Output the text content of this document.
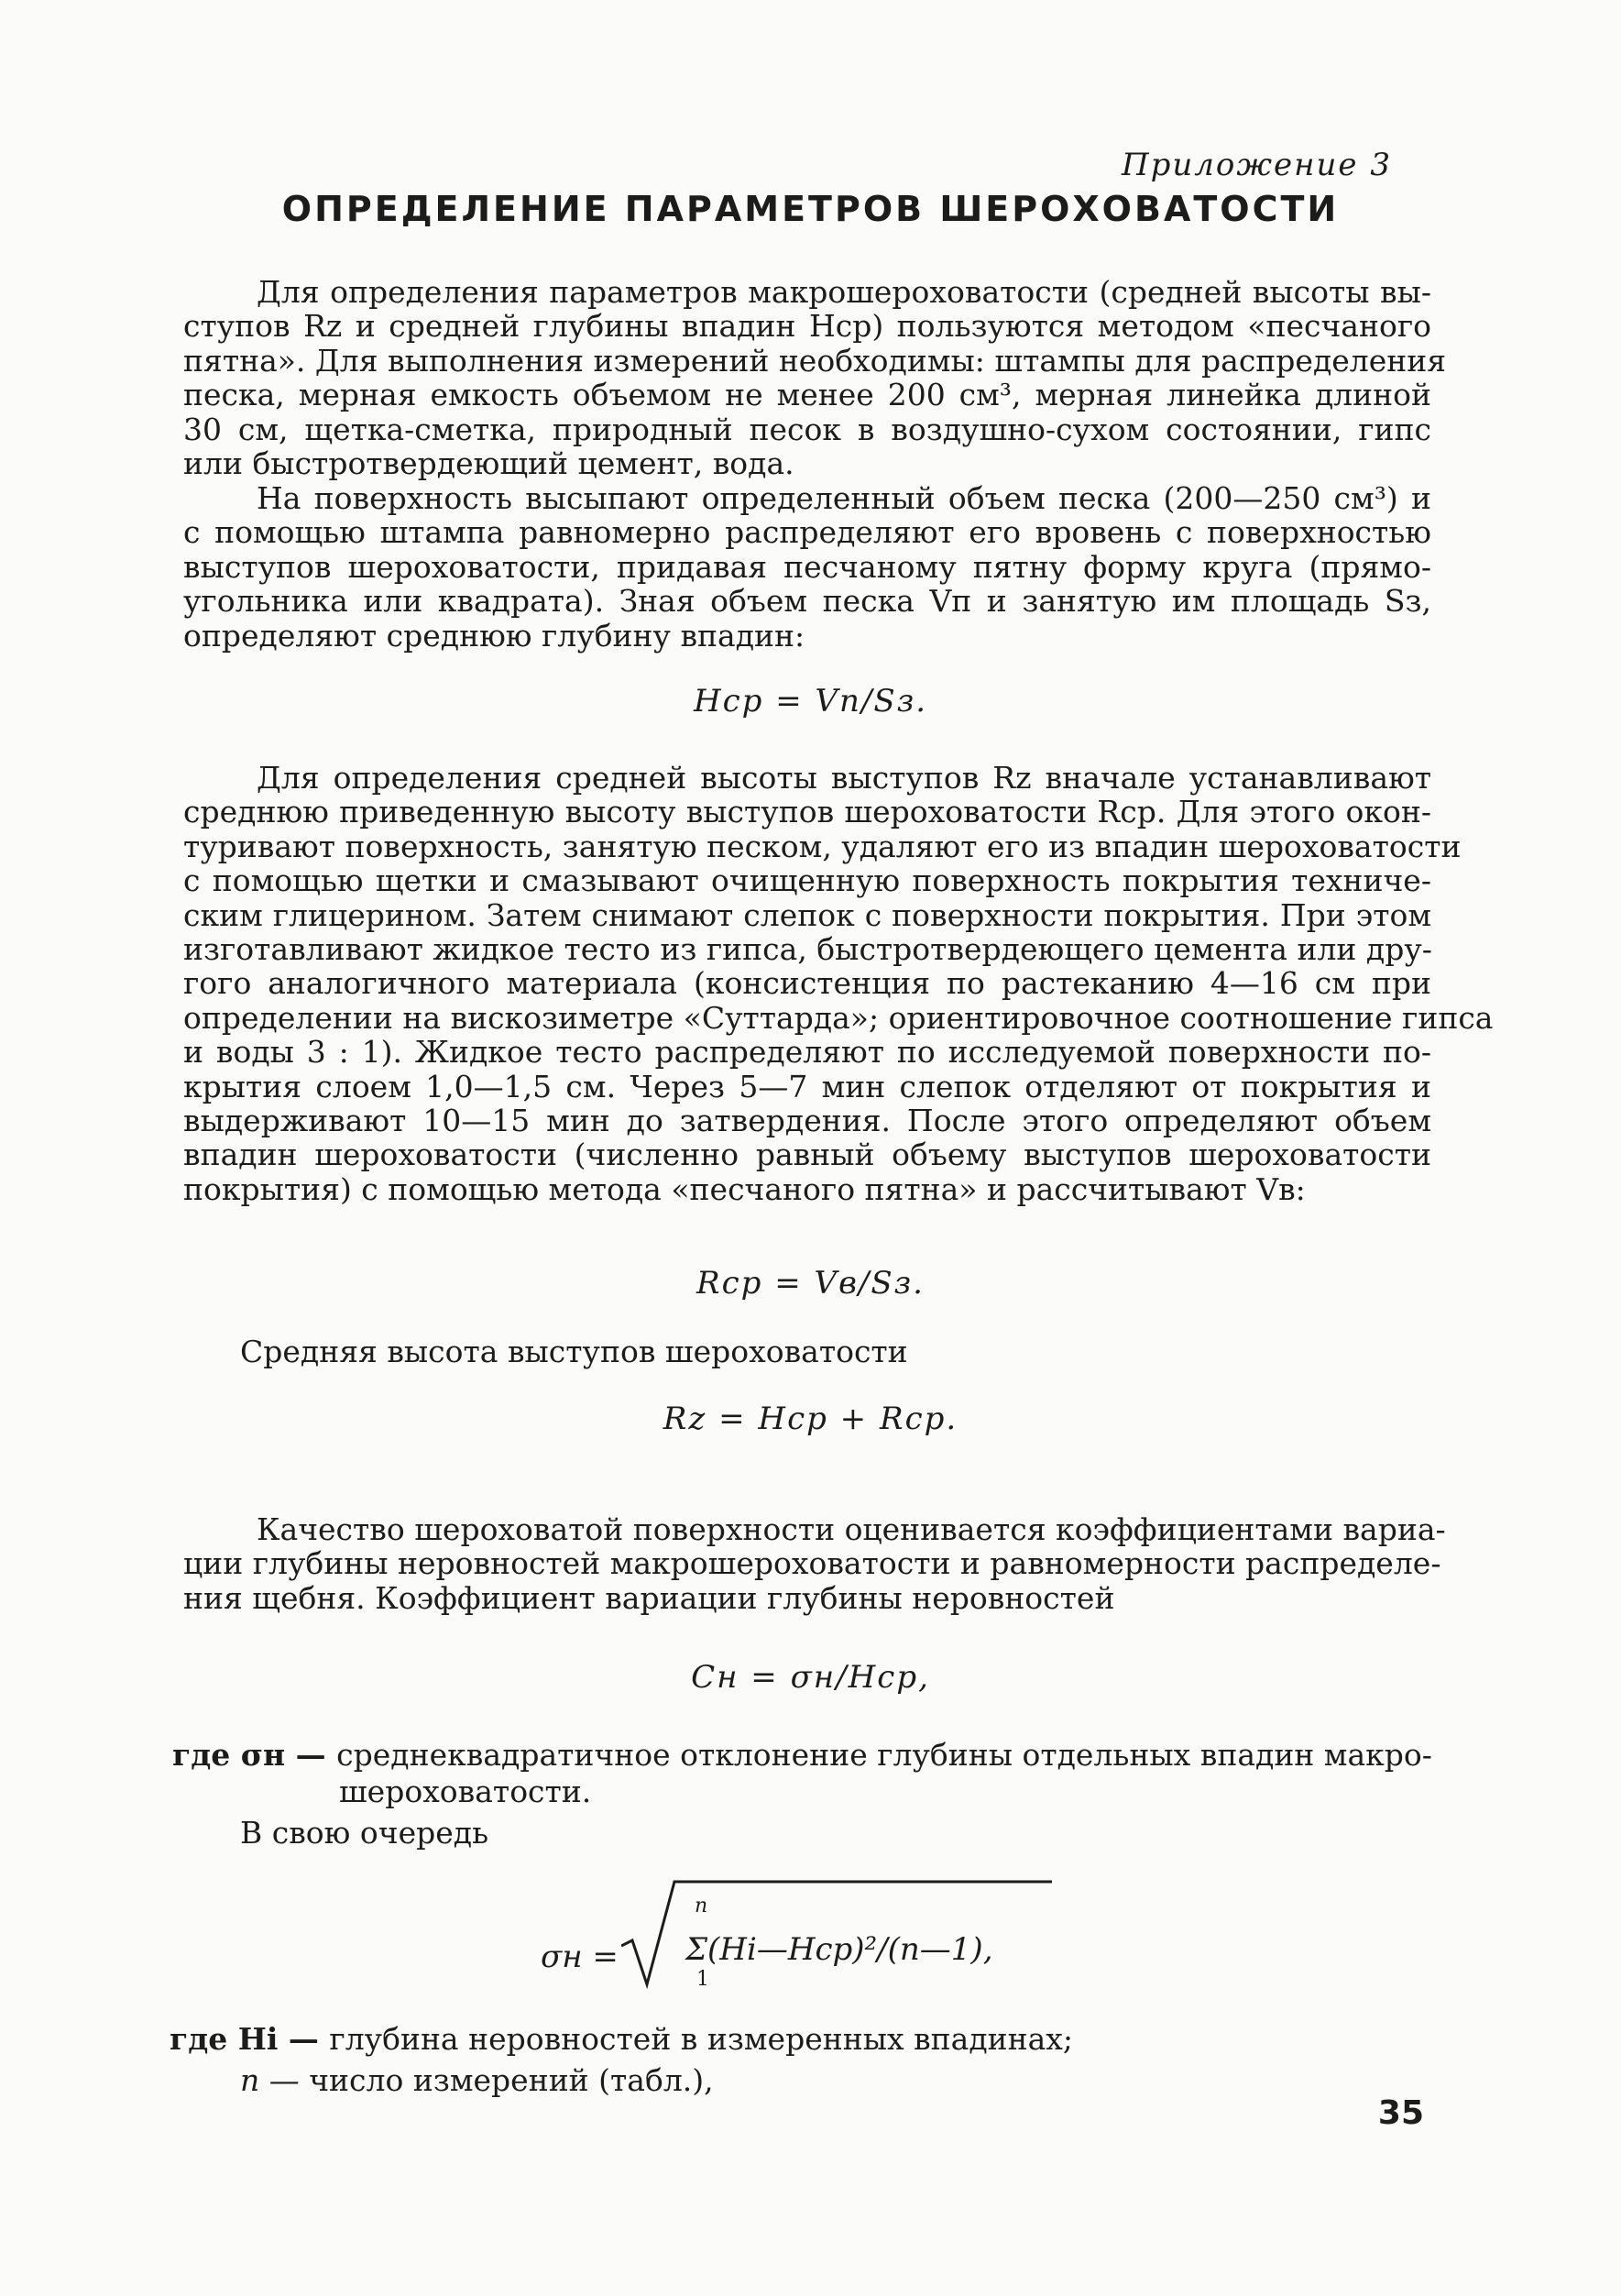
Приложение 3
ОПРЕДЕЛЕНИЕ ПАРАМЕТРОВ ШЕРОХОВАТОСТИ
Для определения параметров макрошероховатости (средней высоты вы-
ступов Rz и средней глубины впадин Hср) пользуются методом «песчаного
пятна». Для выполнения измерений необходимы: штампы для распределения
песка, мерная емкость объемом не менее 200 см³, мерная линейка длиной
30 см, щетка-сметка, природный песок в воздушно-сухом состоянии, гипс
или быстротвердеющий цемент, вода.
На поверхность высыпают определенный объем песка (200—250 см³) и
с помощью штампа равномерно распределяют его вровень с поверхностью
выступов шероховатости, придавая песчаному пятну форму круга (прямо-
угольника или квадрата). Зная объем песка Vп и занятую им площадь Sз,
определяют среднюю глубину впадин:
Hср = Vп/Sз.
Для определения средней высоты выступов Rz вначале устанавливают
среднюю приведенную высоту выступов шероховатости Rср. Для этого окон-
туривают поверхность, занятую песком, удаляют его из впадин шероховатости
с помощью щетки и смазывают очищенную поверхность покрытия техниче-
ским глицерином. Затем снимают слепок с поверхности покрытия. При этом
изготавливают жидкое тесто из гипса, быстротвердеющего цемента или дру-
гого аналогичного материала (консистенция по растеканию 4—16 см при
определении на вискозиметре «Суттарда»; ориентировочное соотношение гипса
и воды 3 : 1). Жидкое тесто распределяют по исследуемой поверхности по-
крытия слоем 1,0—1,5 см. Через 5—7 мин слепок отделяют от покрытия и
выдерживают 10—15 мин до затвердения. После этого определяют объем
впадин шероховатости (численно равный объему выступов шероховатости
покрытия) с помощью метода «песчаного пятна» и рассчитывают Vв:
Rср = Vв/Sз.
Средняя высота выступов шероховатости
Rz = Hср + Rср.
Качество шероховатой поверхности оценивается коэффициентами вариа-
ции глубины неровностей макрошероховатости и равномерности распределе-
ния щебня. Коэффициент вариации глубины неровностей
Cн = σн/Hср,
где σн — среднеквадратичное отклонение глубины отдельных впадин макро-
шероховатости.
В свою очередь
σн =
n
Σ(Hi—Hср)²/(n—1),
1
где Hi — глубина неровностей в измеренных впадинах;
n — число измерений (табл.),
35
